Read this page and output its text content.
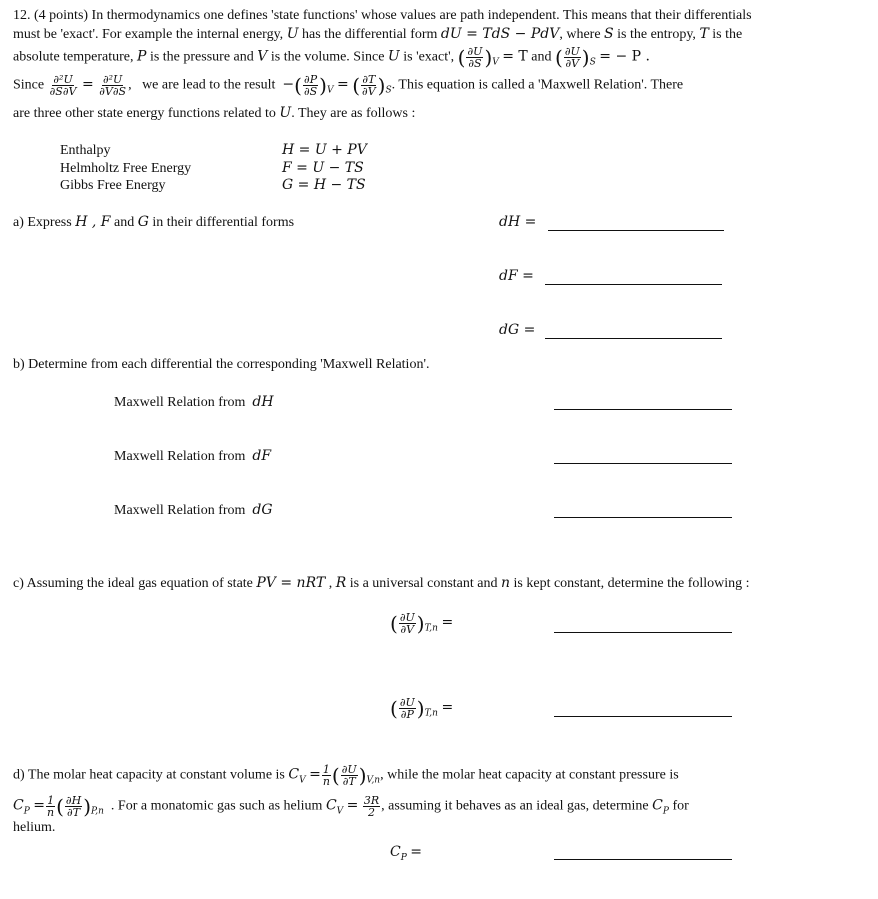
12. (4 points) In thermodynamics one defines 'state functions' whose values are path independent. This means that their differentials
must be 'exact'. For example the internal energy, U has the differential form dU = TdS − PdV, where S is the entropy, T is the
absolute temperature, P is the pressure and V is the volume. Since U is 'exact', ( $\frac{\partial U}{\partial S} )_V = T$ and ( $\frac{\partial U}{\partial V} )_S$ = − P .
Since $\frac{\text{∂²U}}{\partial S\partial V} = \frac{\text{∂²U}}{\partial V\partial S}$ ,   we are lead to the result −( $\frac{\partial P}{\partial S} )_V$ = ( $\frac{\partial T}{\partial V} )_S$. This equation is called a 'Maxwell Relation'. There
are three other state energy functions related to U. They are as follows :
Enthalpy
Helmholtz Free Energy
Gibbs Free Energy
H = U + PV
F = U − TS
G = H − TS
a) Express H , F and G in their differential forms	dH =
dF =
dG =
b) Determine from each differential the corresponding 'Maxwell Relation'.
Maxwell Relation from dH
Maxwell Relation from dF
Maxwell Relation from dG
c) Assuming the ideal gas equation of state PV = nRT , R is a universal constant and n is kept constant, determine the following :
( $\frac{\partial U}{\partial V} )_{T,n}$ =
( $\frac{\partial U}{\partial P} )_{T,n}$ =
d) The molar heat capacity at constant volume is $C_V = \frac{1}{n}$ ( $\frac{\partial U}{\partial T} )_{V,n}$, while the molar heat capacity at constant pressure is
$C_P = \frac{1}{n}$ ( $\frac{\partial H}{\partial T} )_{P,n}$ . For a monatomic gas such as helium $C_V = \frac{3R}{2}$ , assuming it behaves as an ideal gas, determine $C_P$ for
helium.
$C_P$ =
